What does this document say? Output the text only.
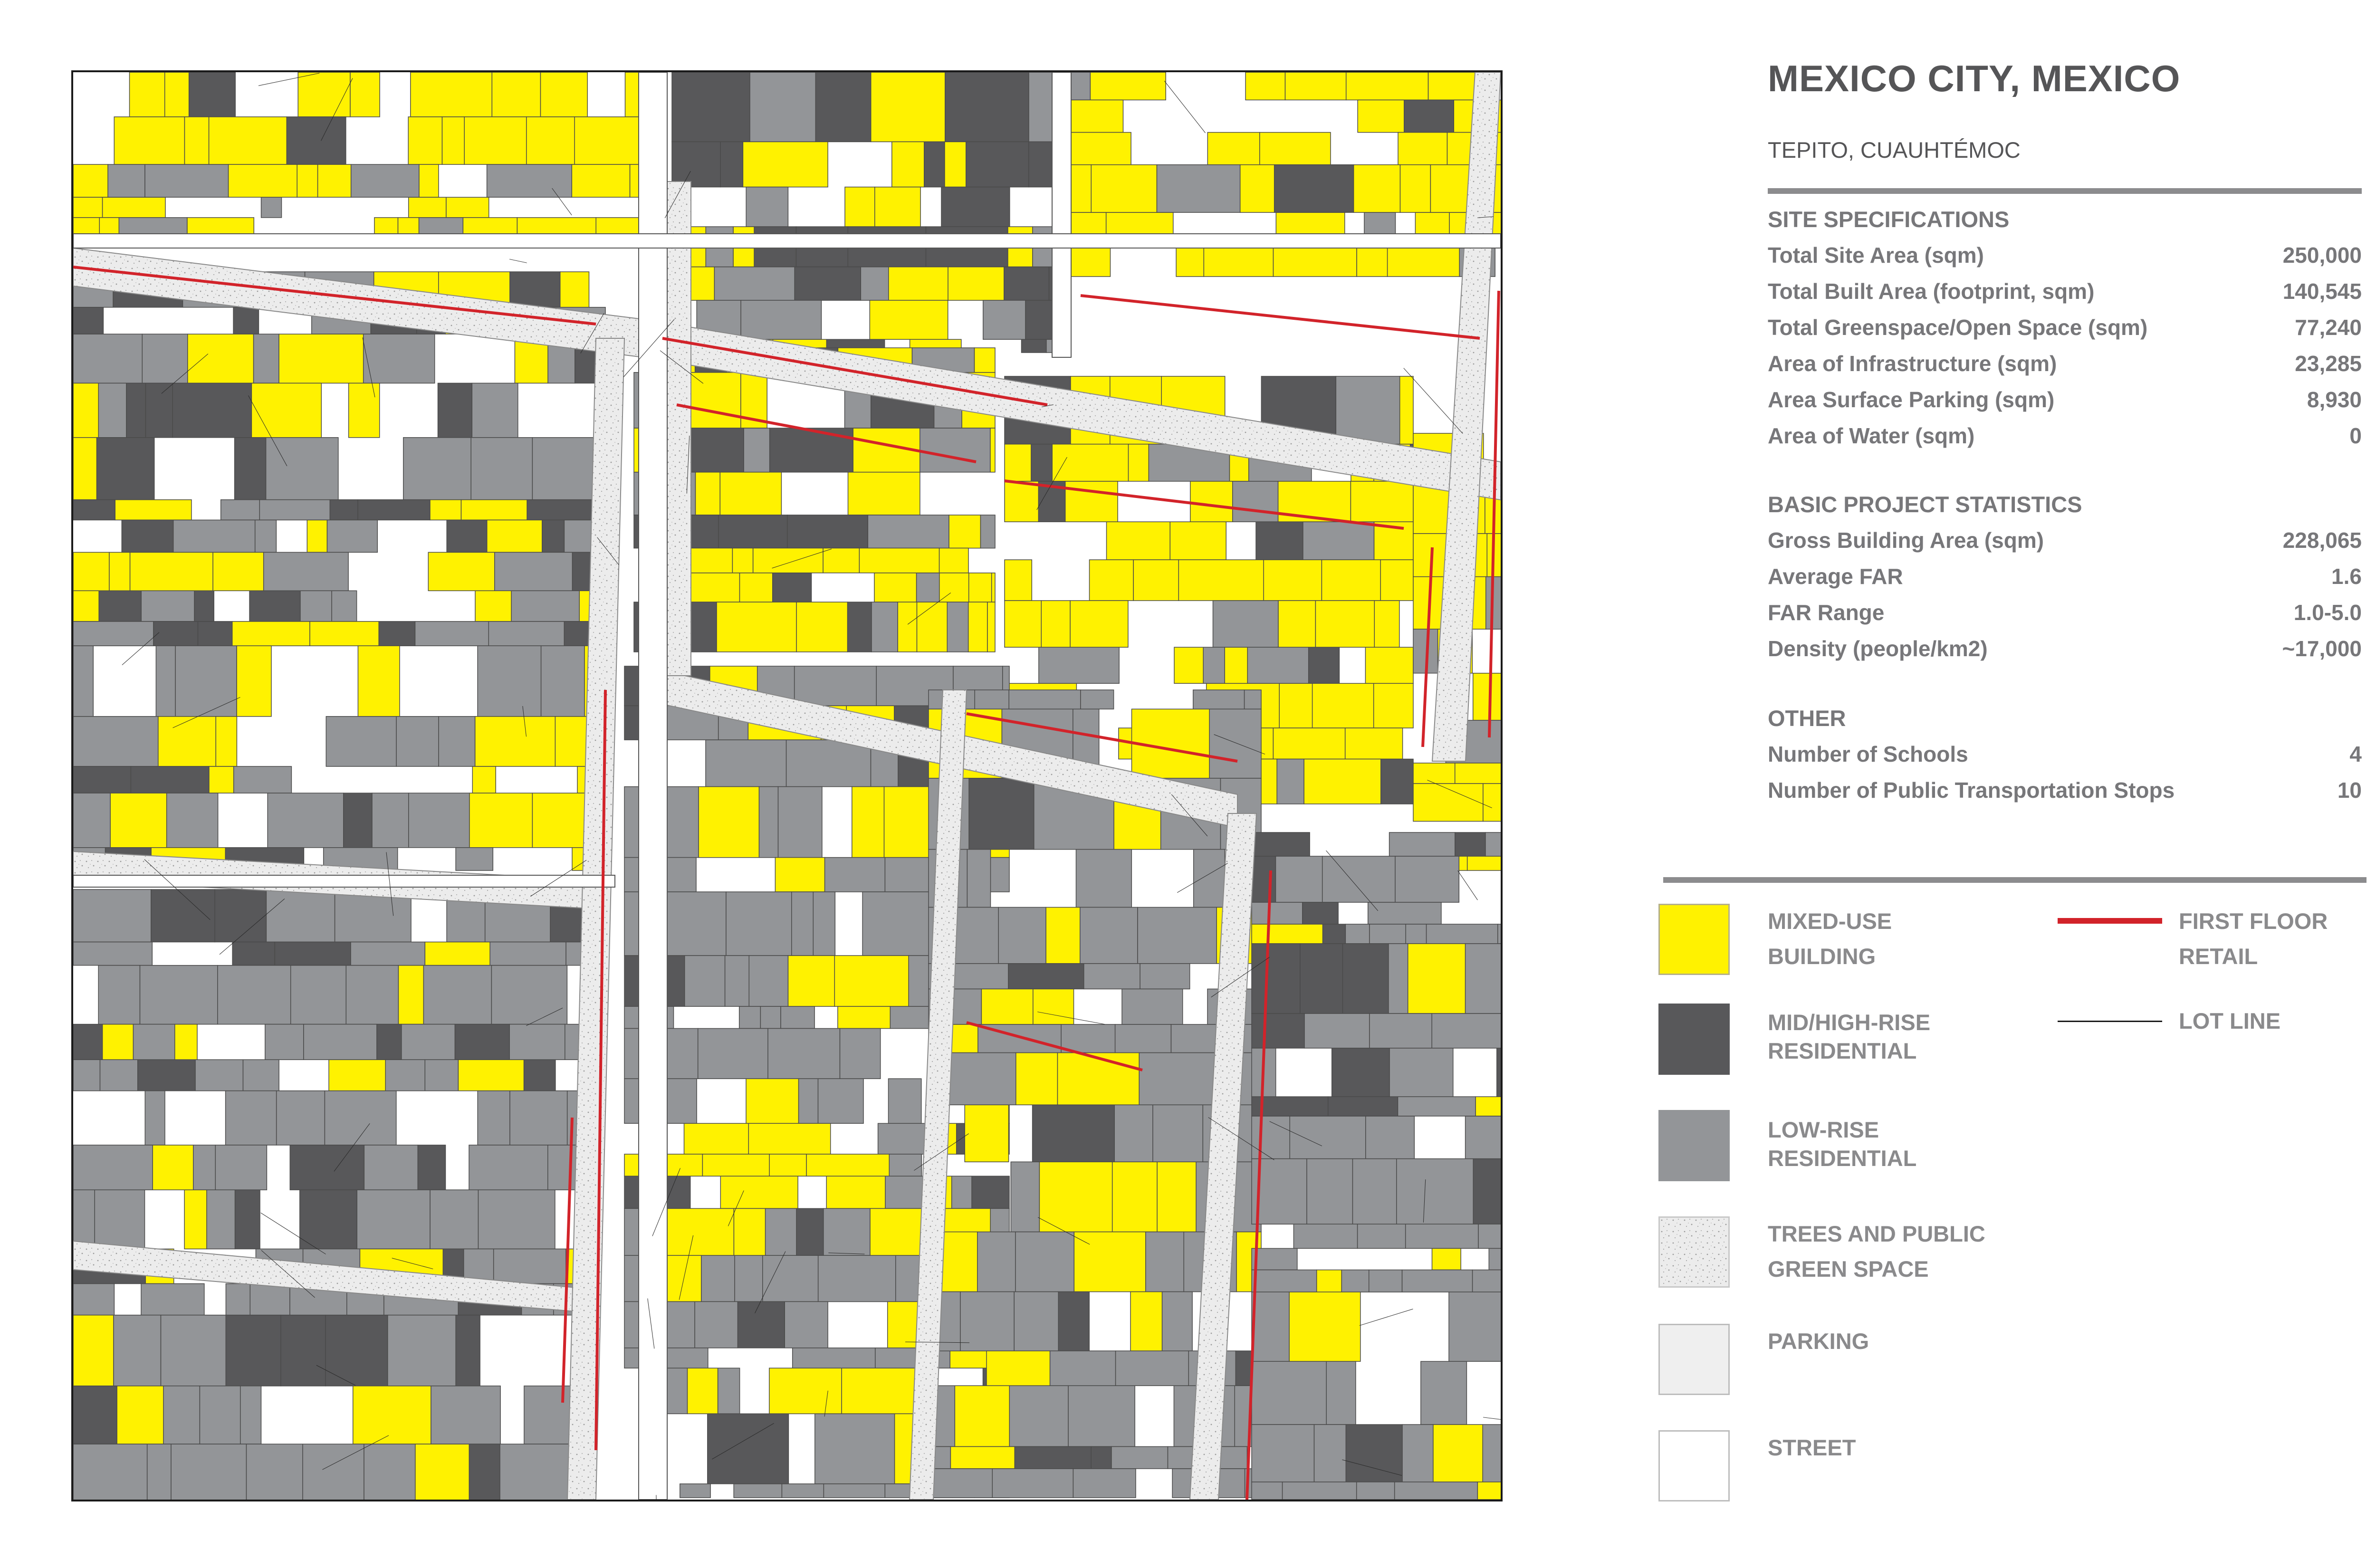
MEXICO CITY, MEXICO
TEPITO, CUAUHTÉMOC
SITE SPECIFICATIONS
Total Site Area (sqm)	250,000
Total Built Area (footprint, sqm)	140,545
Total Greenspace/Open Space (sqm)	77,240
Area of Infrastructure (sqm)	23,285
Area Surface Parking (sqm)	8,930
Area of Water (sqm)	0
BASIC PROJECT STATISTICS
Gross Building Area (sqm)	228,065
Average FAR	1.6
FAR Range	1.0-5.0
Density (people/km2)	~17,000
OTHER
Number of Schools	4
Number of Public Transportation Stops	10
MIXED-USE
BUILDING
MID/HIGH-RISE
RESIDENTIAL
LOW-RISE
RESIDENTIAL
TREES AND PUBLIC
GREEN SPACE
PARKING
STREET
FIRST FLOOR
RETAIL
LOT LINE
